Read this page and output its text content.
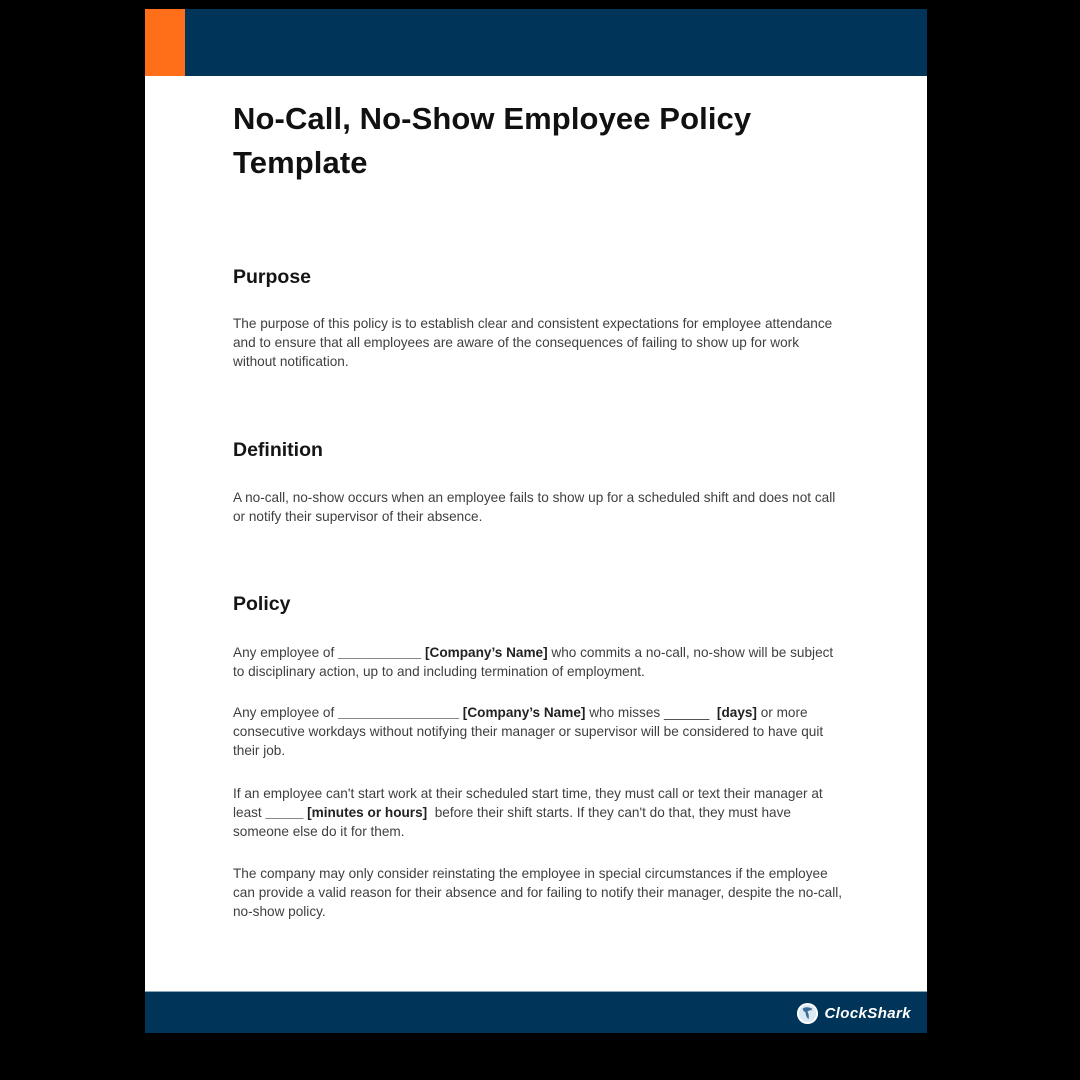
No-Call, No-Show Employee Policy Template
Purpose

The purpose of this policy is to establish clear and consistent expectations for employee attendance and to ensure that all employees are aware of the consequences of failing to show up for work without notification.

Definition

A no-call, no-show occurs when an employee fails to show up for a scheduled shift and does not call or notify their supervisor of their absence.

Policy

Any employee of ___________ [Company’s Name] who commits a no-call, no-show will be subject to disciplinary action, up to and including termination of employment.

Any employee of ________________ [Company’s Name] who misses ______ [days] or more consecutive workdays without notifying their manager or supervisor will be considered to have quit their job.

If an employee can't start work at their scheduled start time, they must call or text their manager at least _____ [minutes or hours]  before their shift starts. If they can't do that, they must have someone else do it for them.

The company may only consider reinstating the employee in special circumstances if the employee can provide a valid reason for their absence and for failing to notify their manager, despite the no-call, no-show policy.

ClockShark
